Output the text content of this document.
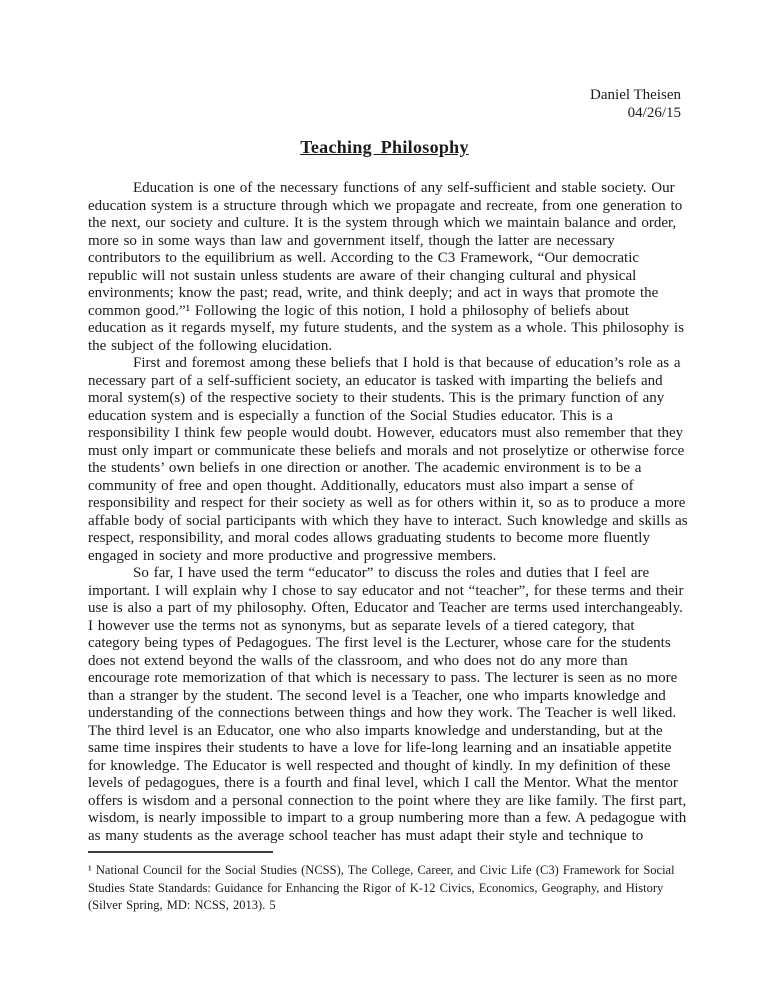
Daniel Theisen
04/26/15
Teaching Philosophy
Education is one of the necessary functions of any self-sufficient and stable society. Our
education system is a structure through which we propagate and recreate, from one generation to
the next, our society and culture. It is the system through which we maintain balance and order,
more so in some ways than law and government itself, though the latter are necessary
contributors to the equilibrium as well. According to the C3 Framework, “Our democratic
republic will not sustain unless students are aware of their changing cultural and physical
environments; know the past; read, write, and think deeply; and act in ways that promote the
common good.”¹ Following the logic of this notion, I hold a philosophy of beliefs about
education as it regards myself, my future students, and the system as a whole. This philosophy is
the subject of the following elucidation.
First and foremost among these beliefs that I hold is that because of education’s role as a
necessary part of a self-sufficient society, an educator is tasked with imparting the beliefs and
moral system(s) of the respective society to their students. This is the primary function of any
education system and is especially a function of the Social Studies educator. This is a
responsibility I think few people would doubt. However, educators must also remember that they
must only impart or communicate these beliefs and morals and not proselytize or otherwise force
the students’ own beliefs in one direction or another. The academic environment is to be a
community of free and open thought. Additionally, educators must also impart a sense of
responsibility and respect for their society as well as for others within it, so as to produce a more
affable body of social participants with which they have to interact. Such knowledge and skills as
respect, responsibility, and moral codes allows graduating students to become more fluently
engaged in society and more productive and progressive members.
So far, I have used the term “educator” to discuss the roles and duties that I feel are
important. I will explain why I chose to say educator and not “teacher”, for these terms and their
use is also a part of my philosophy. Often, Educator and Teacher are terms used interchangeably.
I however use the terms not as synonyms, but as separate levels of a tiered category, that
category being types of Pedagogues. The first level is the Lecturer, whose care for the students
does not extend beyond the walls of the classroom, and who does not do any more than
encourage rote memorization of that which is necessary to pass. The lecturer is seen as no more
than a stranger by the student. The second level is a Teacher, one who imparts knowledge and
understanding of the connections between things and how they work. The Teacher is well liked.
The third level is an Educator, one who also imparts knowledge and understanding, but at the
same time inspires their students to have a love for life-long learning and an insatiable appetite
for knowledge. The Educator is well respected and thought of kindly. In my definition of these
levels of pedagogues, there is a fourth and final level, which I call the Mentor. What the mentor
offers is wisdom and a personal connection to the point where they are like family. The first part,
wisdom, is nearly impossible to impart to a group numbering more than a few. A pedagogue with
as many students as the average school teacher has must adapt their style and technique to
¹ National Council for the Social Studies (NCSS), The College, Career, and Civic Life (C3) Framework for Social
Studies State Standards: Guidance for Enhancing the Rigor of K-12 Civics, Economics, Geography, and History
(Silver Spring, MD: NCSS, 2013). 5
